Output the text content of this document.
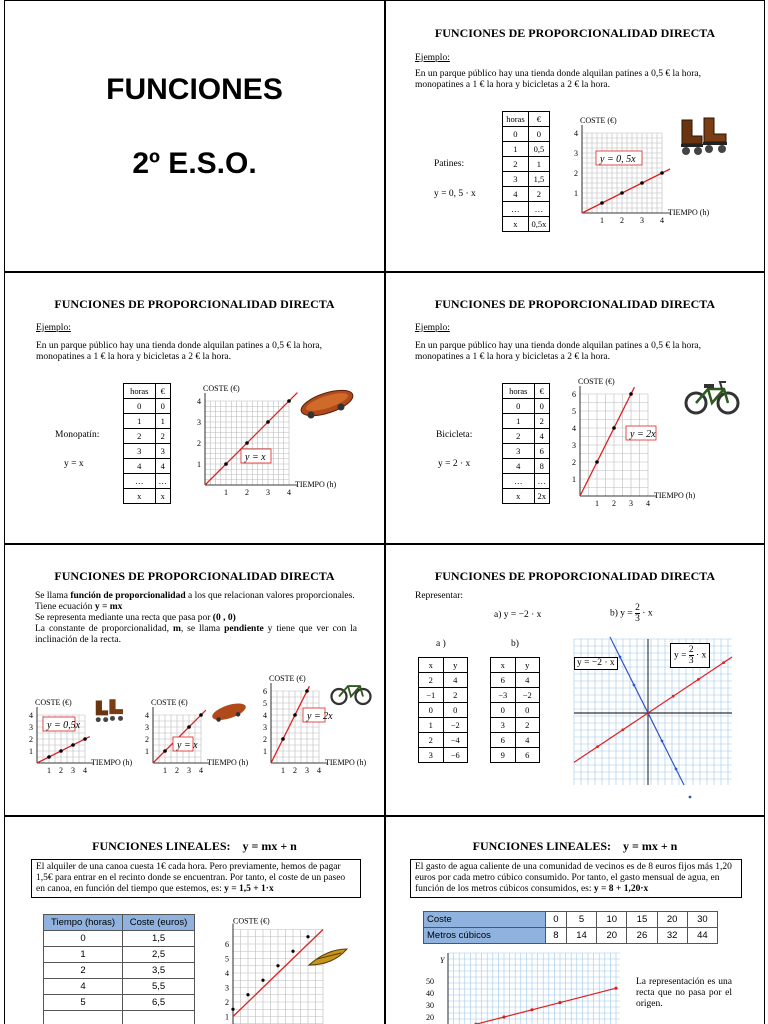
FUNCIONES
2º E.S.O.
FUNCIONES DE PROPORCIONALIDAD DIRECTA
Ejemplo:
En un parque público hay una tienda donde alquilan patines a 0,5 € la hora, monopatines a 1 € la hora y bicicletas a 2 € la hora.
Patines:
y = 0, 5 · x
horas	€
0	0
1	0,5
2	1
3	1,5
4	2
…	…
x	0,5x	1 2 3 4
1
2
3
4
COSTE (€)
TIEMPO (h)
y = 0, 5x
FUNCIONES DE PROPORCIONALIDAD DIRECTA
Ejemplo:
En un parque público hay una tienda donde alquilan patines a 0,5 € la hora, monopatines a 1 € la hora y bicicletas a 2 € la hora.
Monopatín:
y = x
horas	€
0	0
1	1
2	2
3	3
4	4
…	…
x	x	1 2 3 4
1
2
3
4
COSTE (€)
TIEMPO (h)
y = x
FUNCIONES DE PROPORCIONALIDAD DIRECTA
Ejemplo:
En un parque público hay una tienda donde alquilan patines a 0,5 € la hora, monopatines a 1 € la hora y bicicletas a 2 € la hora.
Bicicleta:
y = 2 · x
horas	€
0	0
1	2
2	4
3	6
4	8
…	…
x	2x
1 2 3 4
1
2
3
4
5
6
COSTE (€)
TIEMPO (h)
y = 2x
FUNCIONES DE PROPORCIONALIDAD DIRECTA
Se llama función de proporcionalidad a los que relacionan valores proporcionales.
Tiene ecuación y = mx
Se representa mediante una recta que pasa por (0 , 0)
La constante de proporcionalidad, m, se llama pendiente y tiene que ver con la inclinación de la recta.
1 2 3 4
1
2
3
4
COSTE (€)
TIEMPO (h)
y = 0,5x
1 2 3 4
1
2
3
4
COSTE (€)
TIEMPO (h)
y = x
1 2 3 4
1
2
3
4
5
6
COSTE (€)
TIEMPO (h)
y = 2x
FUNCIONES DE PROPORCIONALIDAD DIRECTA
Representar:
a) y = −2 · x	b) $y = \frac{2}{3} \cdot x$
a )	b)
x	y
2	4
−1	2
0	0
1	−2
2	−4
3	−6
x	y
6	4
−3	−2
0	0
3	2
6	4
9	6
y = −2 · x
$y = \frac{2}{3} \cdot x$
FUNCIONES LINEALES: y = mx + n
El alquiler de una canoa cuesta 1€ cada hora. Pero previamente, hemos de pagar 1,5€ para entrar en el recinto donde se encuentran. Por tanto, el coste de un paseo en canoa, en función del tiempo que estemos, es: y = 1,5 + 1·x
Tiempo (horas)	Coste (euros)
0	1,5
1	2,5
2	3,5
4	5,5
5	6,5

1
2
3
4
5
6
COSTE (€)
FUNCIONES LINEALES: y = mx + n
El gasto de agua caliente de una comunidad de vecinos es de 8 euros fijos más 1,20 euros por cada metro cúbico consumido. Por tanto, el gasto mensual de agua, en función de los metros cúbicos consumidos, es: y = 8 + 1,20·x
Coste	0	5	10	15	20	30
Metros cúbicos	8	14	20	26	32	44
Y
50
40
30
20
La representación es una recta que no pasa por el origen.
